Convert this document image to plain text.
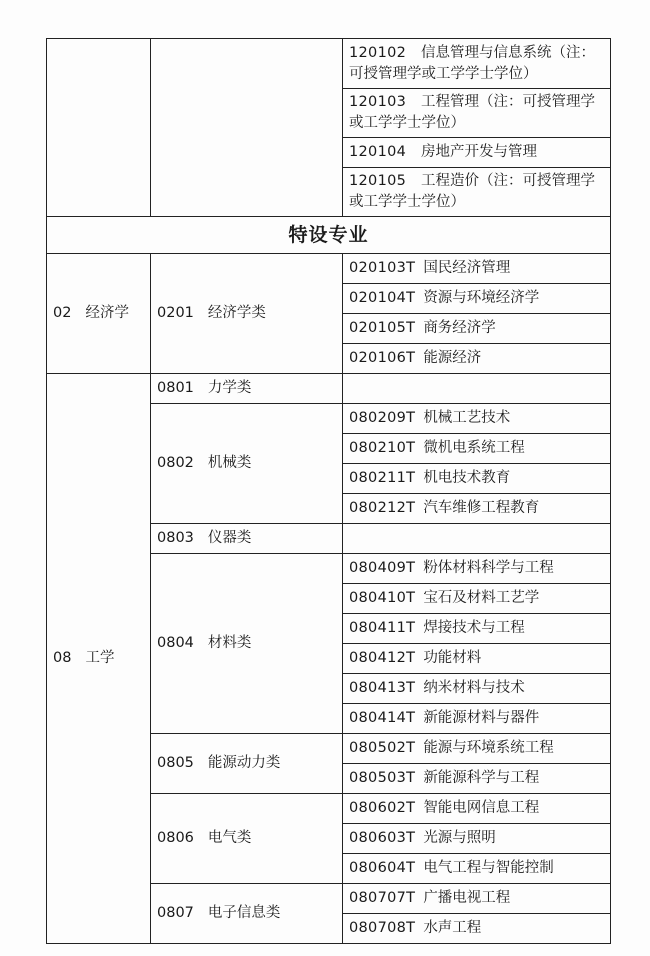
		120102 信息管理与信息系统（注：可授管理学或工学学士学位）
		120103 工程管理（注：可授管理学或工学学士学位）
		120104 房地产开发与管理
		120105 工程造价（注：可授管理学或工学学士学位）
特设专业		
02 经济学	0201 经济学类	020103T 国民经济管理
		020104T 资源与环境经济学
		020105T 商务经济学
		020106T 能源经济
08 工学	0801 力学类	
	0802 机械类	080209T 机械工艺技术
		080210T 微机电系统工程
		080211T 机电技术教育
		080212T 汽车维修工程教育
	0803 仪器类	
	0804 材料类	080409T 粉体材料科学与工程
		080410T 宝石及材料工艺学
		080411T 焊接技术与工程
		080412T 功能材料
		080413T 纳米材料与技术
		080414T 新能源材料与器件
	0805 能源动力类	080502T 能源与环境系统工程
		080503T 新能源科学与工程
	0806 电气类	080602T 智能电网信息工程
		080603T 光源与照明
		080604T 电气工程与智能控制
	0807 电子信息类	080707T 广播电视工程
		080708T 水声工程
